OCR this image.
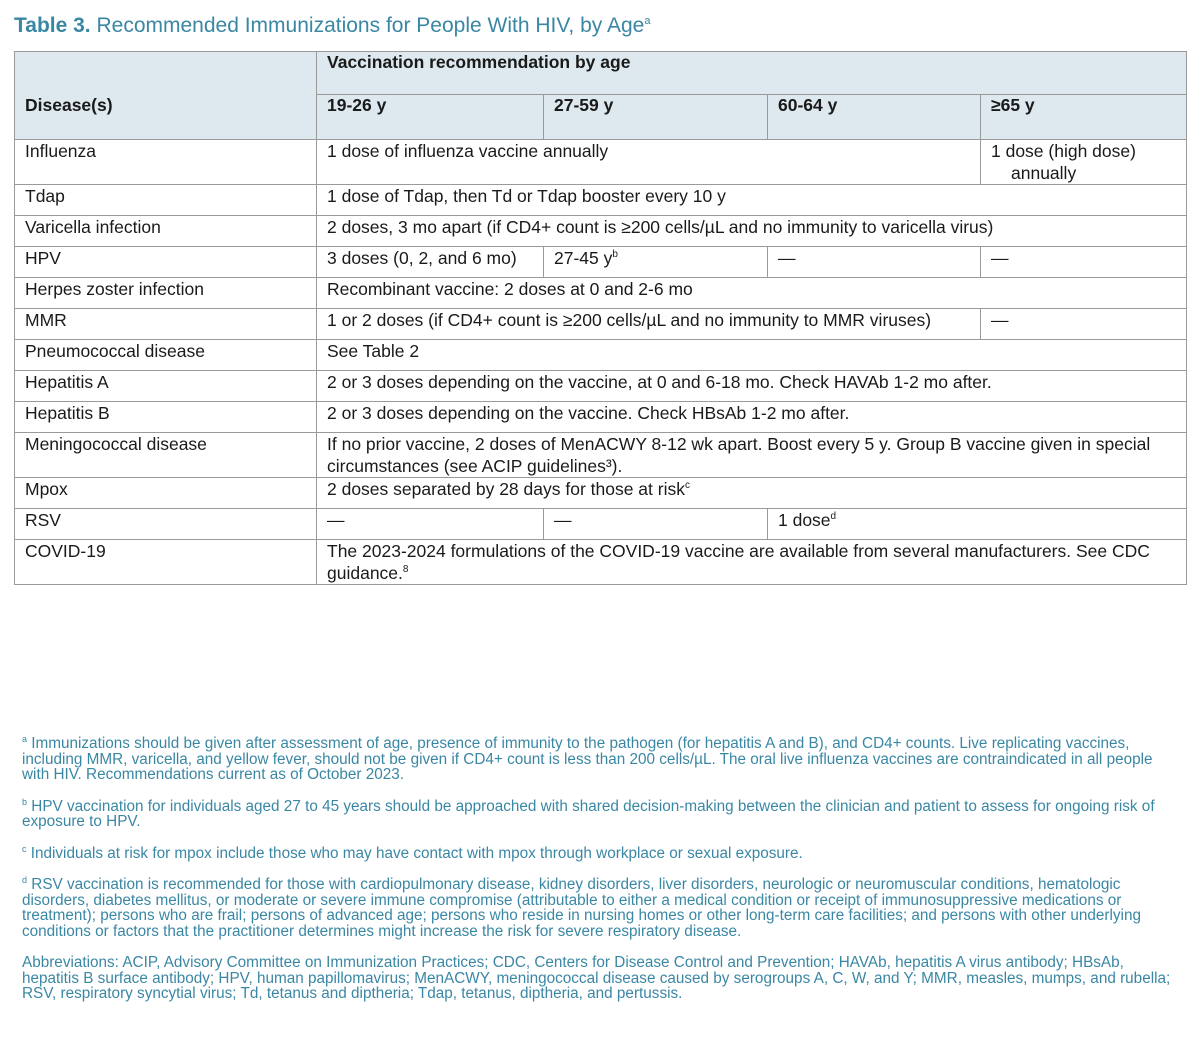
Table 3. Recommended Immunizations for People With HIV, by Age$^a$
	Vaccination recommendation by age			
Disease(s)	19-26 y	27-59 y	60-64 y	≥65 y
Influenza	1 dose of influenza vaccine annually			1 dose (high dose)
annually
Tdap	1 dose of Tdap, then Td or Tdap booster every 10 y			
Varicella infection	2 doses, 3 mo apart (if CD4+ count is ≥200 cells/µL and no immunity to varicella virus)			
HPV	3 doses (0, 2, and 6 mo)	27-45 $y^b$	—	—
Herpes zoster infection	Recombinant vaccine: 2 doses at 0 and 2-6 mo			
MMR	1 or 2 doses (if CD4+ count is ≥200 cells/µL and no immunity to MMR viruses)			—
Pneumococcal disease	See Table 2			
Hepatitis A	2 or 3 doses depending on the vaccine, at 0 and 6-18 mo. Check HAVAb 1-2 mo after.			
Hepatitis B	2 or 3 doses depending on the vaccine. Check HBsAb 1-2 mo after.			
Meningococcal disease	If no prior vaccine, 2 doses of MenACWY 8-12 wk apart. Boost every 5 y. Group B vaccine given in special circumstances (see ACIP guidelines³).			
Mpox	2 doses separated by 28 days for those at risk$^c$
RSV	—	—	1 dose$^d$
COVID-19	The 2023-2024 formulations of the COVID-19 vaccine are available from several manufacturers. See CDC guidance.$^8$

$^a$ Immunizations should be given after assessment of age, presence of immunity to the pathogen (for hepatitis A and B), and CD4+ counts. Live replicating vaccines, including MMR, varicella, and yellow fever, should not be given if CD4+ count is less than 200 cells/µL. The oral live influenza vaccines are contraindicated in all people with HIV. Recommendations current as of October 2023.

$^b$ HPV vaccination for individuals aged 27 to 45 years should be approached with shared decision-making between the clinician and patient to assess for ongoing risk of exposure to HPV.

$^c$ Individuals at risk for mpox include those who may have contact with mpox through workplace or sexual exposure.

$^d$ RSV vaccination is recommended for those with cardiopulmonary disease, kidney disorders, liver disorders, neurologic or neuromuscular conditions, hematologic disorders, diabetes mellitus, or moderate or severe immune compromise (attributable to either a medical condition or receipt of immunosuppressive medications or treatment); persons who are frail; persons of advanced age; persons who reside in nursing homes or other long-term care facilities; and persons with other underlying conditions or factors that the practitioner determines might increase the risk for severe respiratory disease.

Abbreviations: ACIP, Advisory Committee on Immunization Practices; CDC, Centers for Disease Control and Prevention; HAVAb, hepatitis A virus antibody; HBsAb, hepatitis B surface antibody; HPV, human papillomavirus; MenACWY, meningococcal disease caused by serogroups A, C, W, and Y; MMR, measles, mumps, and rubella; RSV, respiratory syncytial virus; Td, tetanus and diptheria; Tdap, tetanus, diptheria, and pertussis.
